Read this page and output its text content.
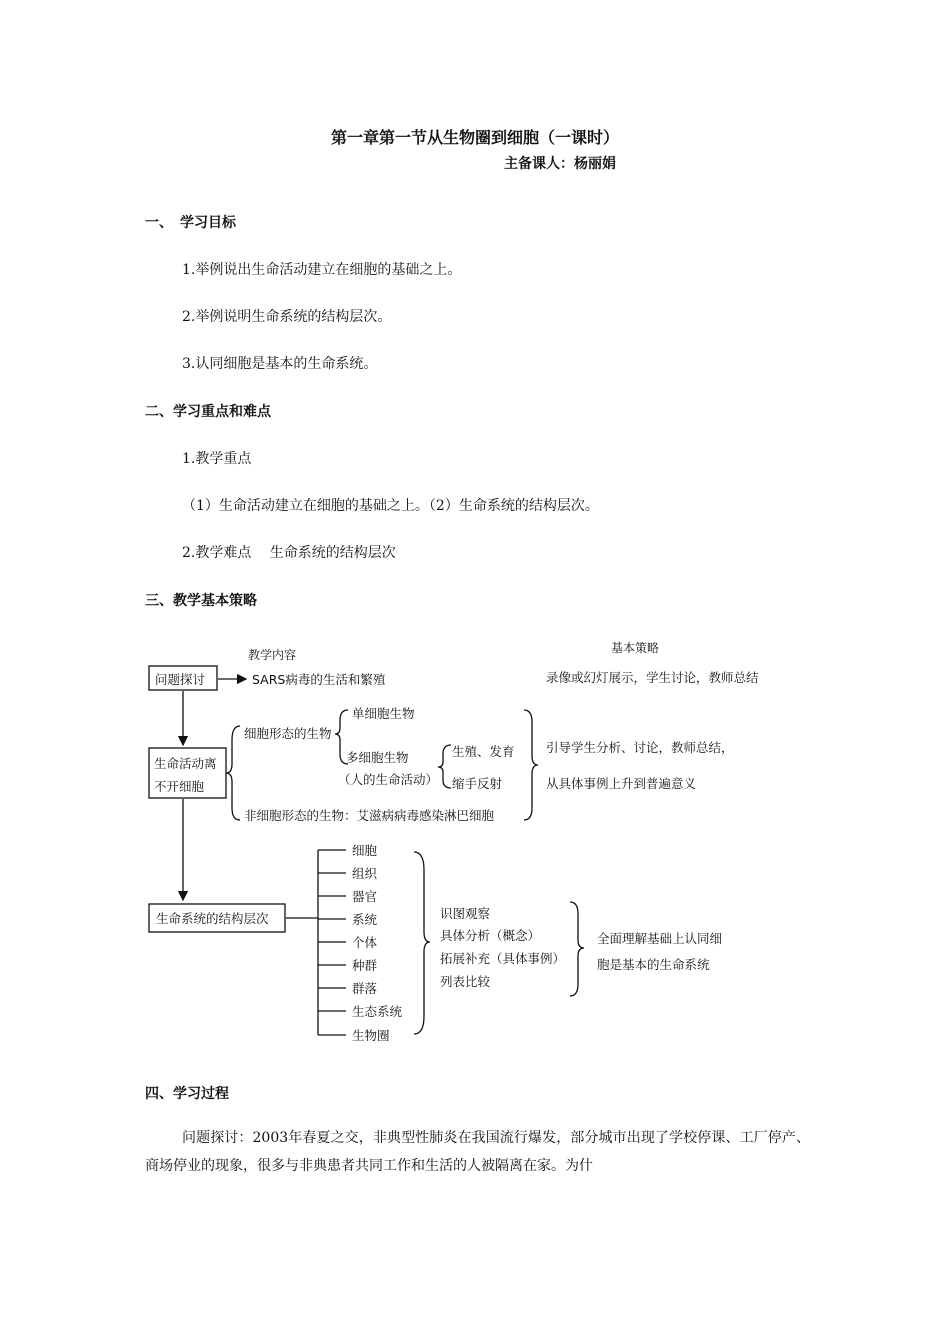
第一章第一节从生物圈到细胞（一课时）
主备课人：杨丽娟
一、　学习目标
1.举例说出生命活动建立在细胞的基础之上。
2.举例说明生命系统的结构层次。
3.认同细胞是基本的生命系统。
二、学习重点和难点
1.教学重点
（1）生命活动建立在细胞的基础之上。（2）生命系统的结构层次。
2.教学难点　 生命系统的结构层次
三、教学基本策略
教学内容	基本策略
问题探讨	SARS病毒的生活和繁殖	录像或幻灯展示，学生讨论，教师总结
生命活动离
不开细胞
细胞形态的生物
单细胞生物
多细胞生物
（人的生命活动）
生殖、发育
缩手反射
引导学生分析、讨论，教师总结，
从具体事例上升到普遍意义
非细胞形态的生物：艾滋病病毒感染淋巴细胞
生命系统的结构层次
细胞
组织
器官
系统
个体
种群
群落
生态系统
生物圈
识图观察
具体分析（概念）
拓展补充（具体事例）
列表比较
全面理解基础上认同细
胞是基本的生命系统
四、学习过程
问题探讨：2003年春夏之交，非典型性肺炎在我国流行爆发，部分城市出现了学校停课、工厂停产、商场停业的现象，很多与非典患者共同工作和生活的人被隔离在家。为什
